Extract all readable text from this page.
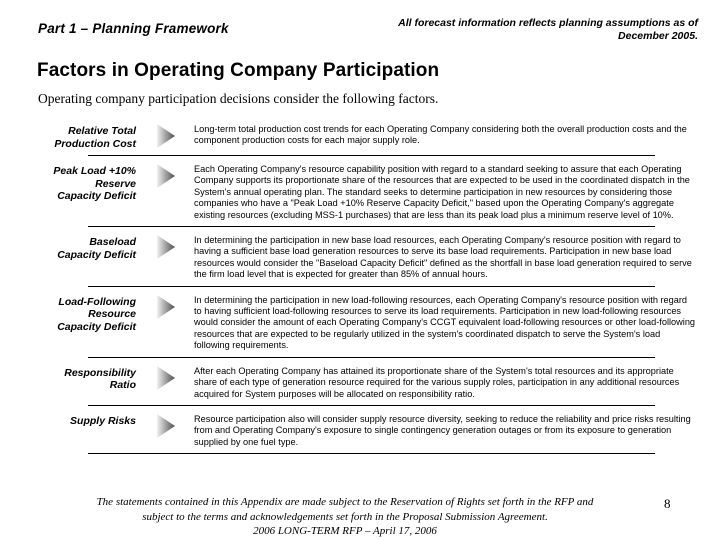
Part 1 – Planning Framework	All forecast information reflects planning assumptions as of December 2005.
Factors in Operating Company Participation
Operating company participation decisions consider the following factors.
Relative Total
Production Cost
Long-term total production cost trends for each Operating Company considering both the overall production costs and the component production costs for each major supply role.
Peak Load +10%
Reserve
Capacity Deficit
Each Operating Company's resource capability position with regard to a standard seeking to assure that each Operating Company supports its proportionate share of the resources that are expected to be used in the coordinated dispatch in the System's annual operating plan. The standard seeks to determine participation in new resources by considering those companies who have a "Peak Load +10% Reserve Capacity Deficit," based upon the Operating Company's aggregate existing resources (excluding MSS-1 purchases) that are less than its peak load plus a minimum reserve level of 10%.
Baseload
Capacity Deficit
In determining the participation in new base load resources, each Operating Company's resource position with regard to having a sufficient base load generation resources to serve its base load requirements. Participation in new base load resources would consider the "Baseload Capacity Deficit" defined as the shortfall in base load generation required to serve the firm load level that is expected for greater than 85% of annual hours.
Load-Following
Resource
Capacity Deficit
In determining the participation in new load-following resources, each Operating Company's resource position with regard to having sufficient load-following resources to serve its load requirements. Participation in new load-following resources would consider the amount of each Operating Company's CCGT equivalent load-following resources or other load-following resources that are expected to be regularly utilized in the system's coordinated dispatch to serve the System's load following requirements.
Responsibility
Ratio
After each Operating Company has attained its proportionate share of the System's total resources and its appropriate share of each type of generation resource required for the various supply roles, participation in any additional resources acquired for System purposes will be allocated on responsibility ratio.
Supply Risks	Resource participation also will consider supply resource diversity, seeking to reduce the reliability and price risks resulting from and Operating Company's exposure to single contingency generation outages or from its exposure to generation supplied by one fuel type.
The statements contained in this Appendix are made subject to the Reservation of Rights set forth in the RFP and
subject to the terms and acknowledgements set forth in the Proposal Submission Agreement.
2006 LONG-TERM RFP – April 17, 2006
8
